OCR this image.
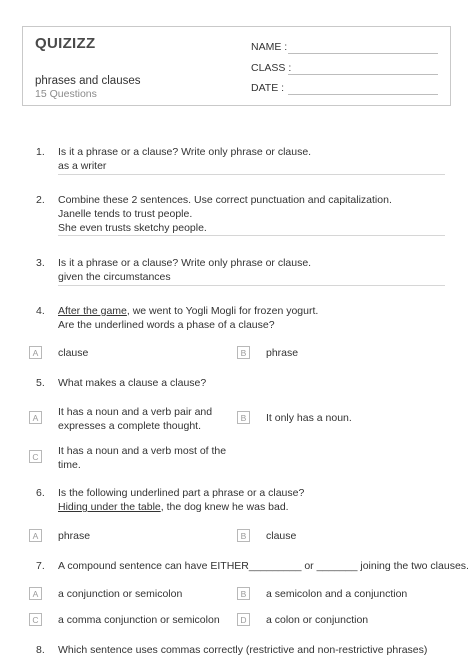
QUIZIZZ
phrases and clauses
15 Questions
NAME :
CLASS :
DATE :
1. Is it a phrase or a clause? Write only phrase or clause.
as a writer
2. Combine these 2 sentences. Use correct punctuation and capitalization.
Janelle tends to trust people.
She even trusts sketchy people.
3. Is it a phrase or a clause? Write only phrase or clause.
given the circumstances
4. After the game, we went to Yogli Mogli for frozen yogurt.
Are the underlined words a phase of a clause?
A	clause	B	phrase
5. What makes a clause a clause?
A	It has a noun and a verb pair and
expresses a complete thought.
B	It only has a noun.
C	It has a noun and a verb most of the
time.
6. Is the following underlined part a phrase or a clause?
Hiding under the table, the dog knew he was bad.
A	phrase	B	clause
7. A compound sentence can have EITHER_________ or _______ joining the two clauses.
A	a conjunction or semicolon	B	a semicolon and a conjunction
C	a comma conjunction or semicolon	D	a colon or conjunction
8. Which sentence uses commas correctly (restrictive and non-restrictive phrases)
